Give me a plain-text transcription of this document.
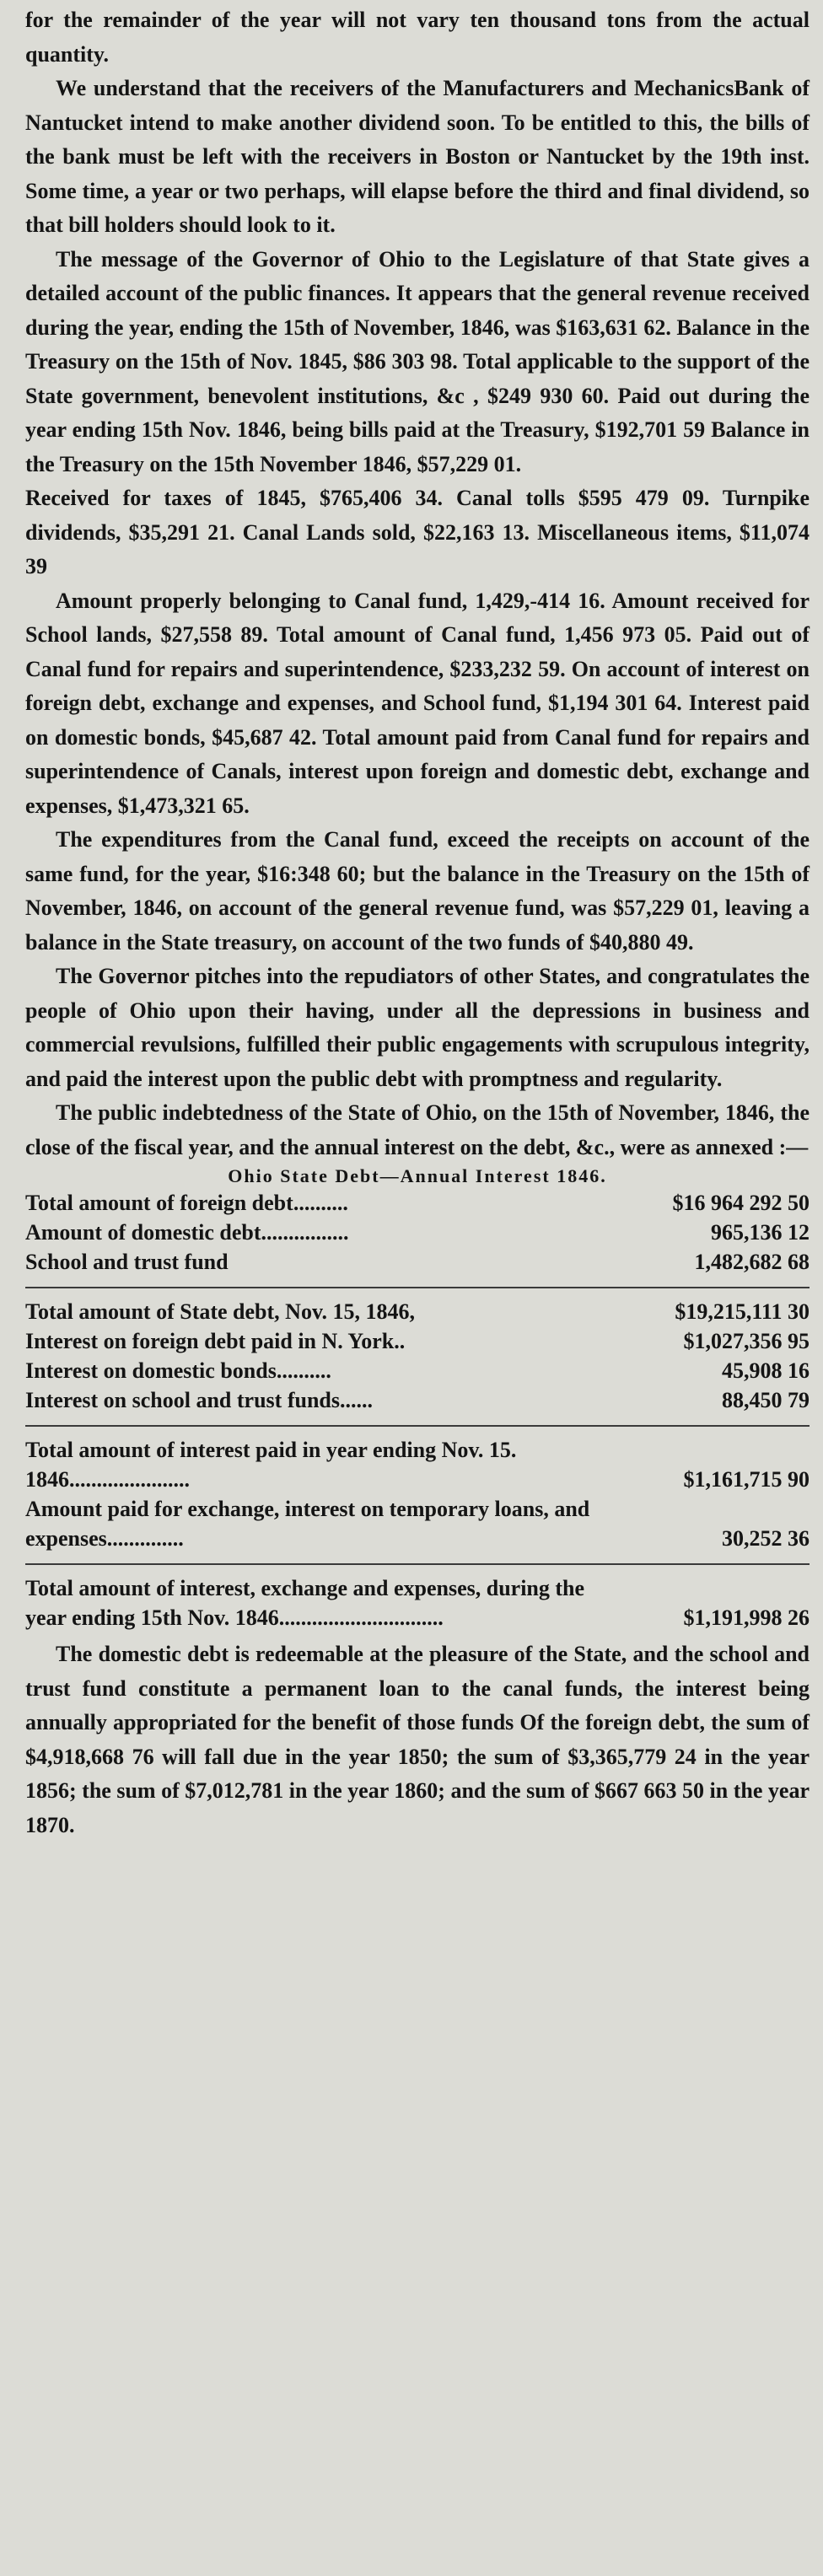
for the remainder of the year will not vary ten thousand tons from the actual quantity.

We understand that the receivers of the Manufacturers and MechanicsBank of Nantucket intend to make another dividend soon. To be entitled to this, the bills of the bank must be left with the receivers in Boston or Nantucket by the 19th inst. Some time, a year or two perhaps, will elapse before the third and final dividend, so that bill holders should look to it.

The message of the Governor of Ohio to the Legislature of that State gives a detailed account of the public finances. It appears that the general revenue received during the year, ending the 15th of November, 1846, was $163,631 62. Balance in the Treasury on the 15th of Nov. 1845, $86 303 98. Total applicable to the support of the State government, benevolent institutions, &c , $249 930 60. Paid out during the year ending 15th Nov. 1846, being bills paid at the Treasury, $192,701 59 Balance in the Treasury on the 15th November 1846, $57,229 01.

Received for taxes of 1845, $765,406 34. Canal tolls $595 479 09. Turnpike dividends, $35,291 21. Canal Lands sold, $22,163 13. Miscellaneous items, $11,074 39

Amount properly belonging to Canal fund, 1,429,-414 16. Amount received for School lands, $27,558 89. Total amount of Canal fund, 1,456 973 05. Paid out of Canal fund for repairs and superintendence, $233,232 59. On account of interest on foreign debt, exchange and expenses, and School fund, $1,194 301 64. Interest paid on domestic bonds, $45,687 42. Total amount paid from Canal fund for repairs and superintendence of Canals, interest upon foreign and domestic debt, exchange and expenses, $1,473,321 65.

The expenditures from the Canal fund, exceed the receipts on account of the same fund, for the year, $16:348 60; but the balance in the Treasury on the 15th of November, 1846, on account of the general revenue fund, was $57,229 01, leaving a balance in the State treasury, on account of the two funds of $40,880 49.

The Governor pitches into the repudiators of other States, and congratulates the people of Ohio upon their having, under all the depressions in business and commercial revulsions, fulfilled their public engagements with scrupulous integrity, and paid the interest upon the public debt with promptness and regularity.

The public indebtedness of the State of Ohio, on the 15th of November, 1846, the close of the fiscal year, and the annual interest on the debt, &c., were as annexed :—

Ohio State Debt—Annual Interest 1846.

Total amount of foreign debt..........	$16 964 292 50
Amount of domestic debt................	965,136 12
School and trust fund	1,482,682 68
Total amount of State debt, Nov. 15, 1846,	$19,215,111 30
Interest on foreign debt paid in N. York..	$1,027,356 95
Interest on domestic bonds..........	45,908 16
Interest on school and trust funds......	88,450 79
Total amount of interest paid in year ending Nov. 15. 1846......................	$1,161,715 90
Amount paid for exchange, interest on temporary loans, and expenses..............	30,252 36
Total amount of interest, exchange and expenses, during the year ending 15th Nov. 1846..............................	$1,191,998 26

The domestic debt is redeemable at the pleasure of the State, and the school and trust fund constitute a permanent loan to the canal funds, the interest being annually appropriated for the benefit of those funds Of the foreign debt, the sum of $4,918,668 76 will fall due in the year 1850; the sum of $3,365,779 24 in the year 1856; the sum of $7,012,781 in the year 1860; and the sum of $667 663 50 in the year 1870.
